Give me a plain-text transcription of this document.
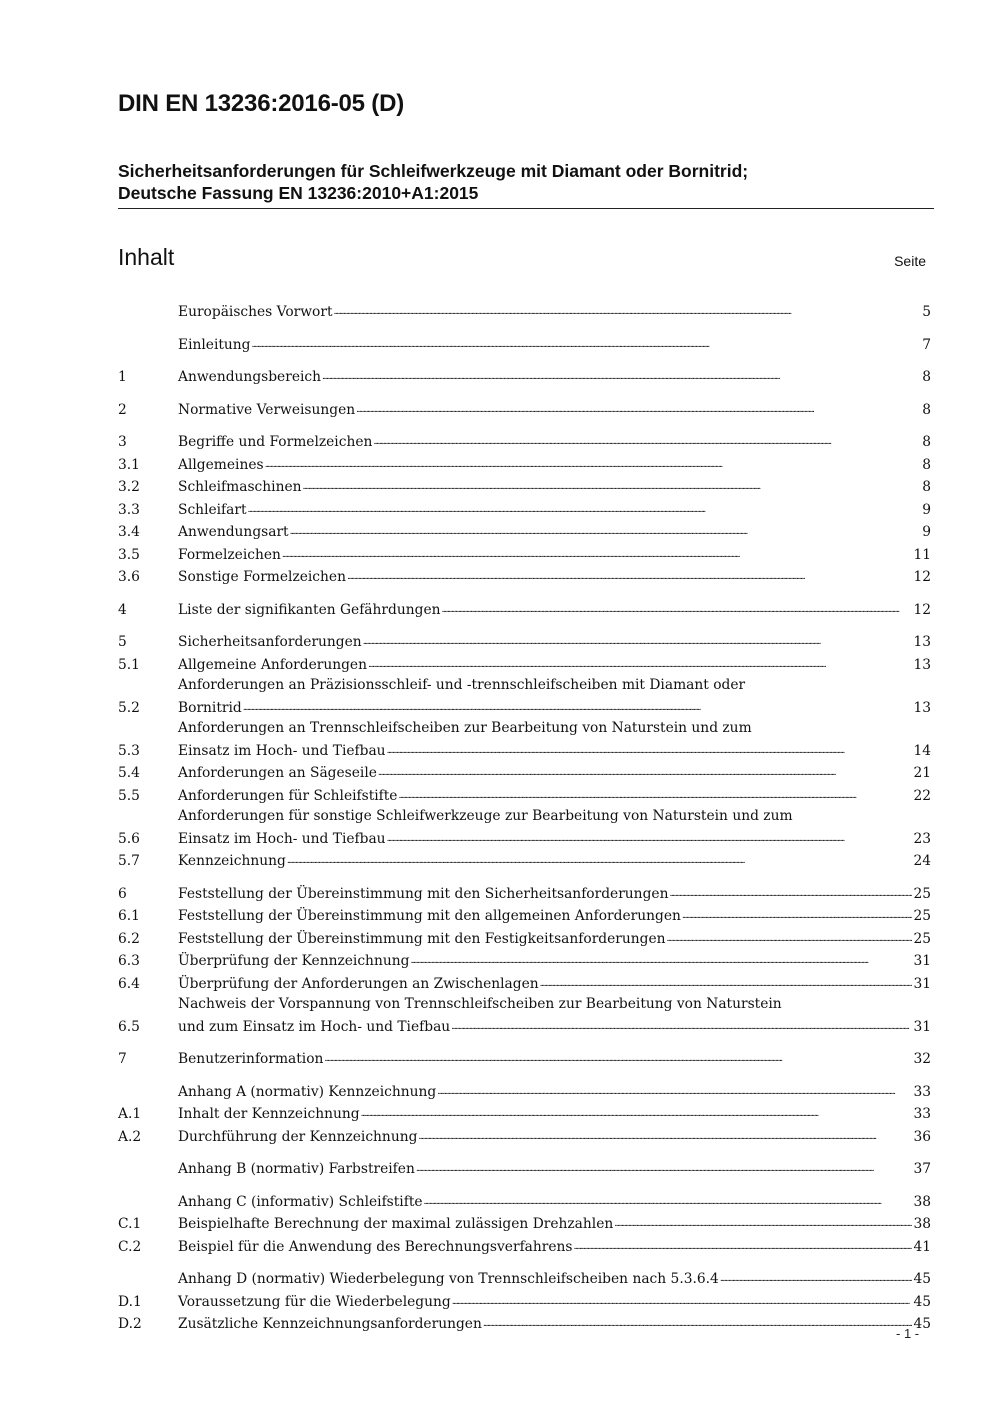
DIN EN 13236:2016-05 (D)
Sicherheitsanforderungen für Schleifwerkzeuge mit Diamant oder Bornitrid;
Deutsche Fassung EN 13236:2010+A1:2015
Inhalt	Seite
Europäisches Vorwort .....	5
Einleitung .....	7
1	Anwendungsbereich .....	8
2	Normative Verweisungen .....	8
3	Begriffe und Formelzeichen .....	8
3.1	Allgemeines .....	8
3.2	Schleifmaschinen .....	8
3.3	Schleifart .....	9
3.4	Anwendungsart .....	9
3.5	Formelzeichen .....	11
3.6	Sonstige Formelzeichen .....	12
4	Liste der signifikanten Gefährdungen .....	12
5	Sicherheitsanforderungen .....	13
5.1	Allgemeine Anforderungen .....	13
5.2
Anforderungen an Präzisionsschleif- und -trennschleifscheiben mit Diamant oder
Bornitrid .....	13
5.3
Anforderungen an Trennschleifscheiben zur Bearbeitung von Naturstein und zum
Einsatz im Hoch- und Tiefbau .....	14
5.4	Anforderungen an Sägeseile .....	21
5.5	Anforderungen für Schleifstifte .....	22
5.6
Anforderungen für sonstige Schleifwerkzeuge zur Bearbeitung von Naturstein und zum
Einsatz im Hoch- und Tiefbau .....	23
5.7	Kennzeichnung .....	24
6	Feststellung der Übereinstimmung mit den Sicherheitsanforderungen .....	25
6.1	Feststellung der Übereinstimmung mit den allgemeinen Anforderungen .....	25
6.2	Feststellung der Übereinstimmung mit den Festigkeitsanforderungen .....	25
6.3	Überprüfung der Kennzeichnung .....	31
6.4	Überprüfung der Anforderungen an Zwischenlagen .....	31
6.5
Nachweis der Vorspannung von Trennschleifscheiben zur Bearbeitung von Naturstein
und zum Einsatz im Hoch- und Tiefbau .....	31
7	Benutzerinformation .....	32
Anhang A (normativ) Kennzeichnung .....	33
A.1	Inhalt der Kennzeichnung .....	33
A.2	Durchführung der Kennzeichnung .....	36
Anhang B (normativ) Farbstreifen .....	37
Anhang C (informativ) Schleifstifte .....	38
C.1	Beispielhafte Berechnung der maximal zulässigen Drehzahlen .....	38
C.2	Beispiel für die Anwendung des Berechnungsverfahrens .....	41
Anhang D (normativ) Wiederbelegung von Trennschleifscheiben nach 5.3.6.4 .....	45
D.1	Voraussetzung für die Wiederbelegung .....	45
D.2	Zusätzliche Kennzeichnungsanforderungen .....	45
- 1 -
